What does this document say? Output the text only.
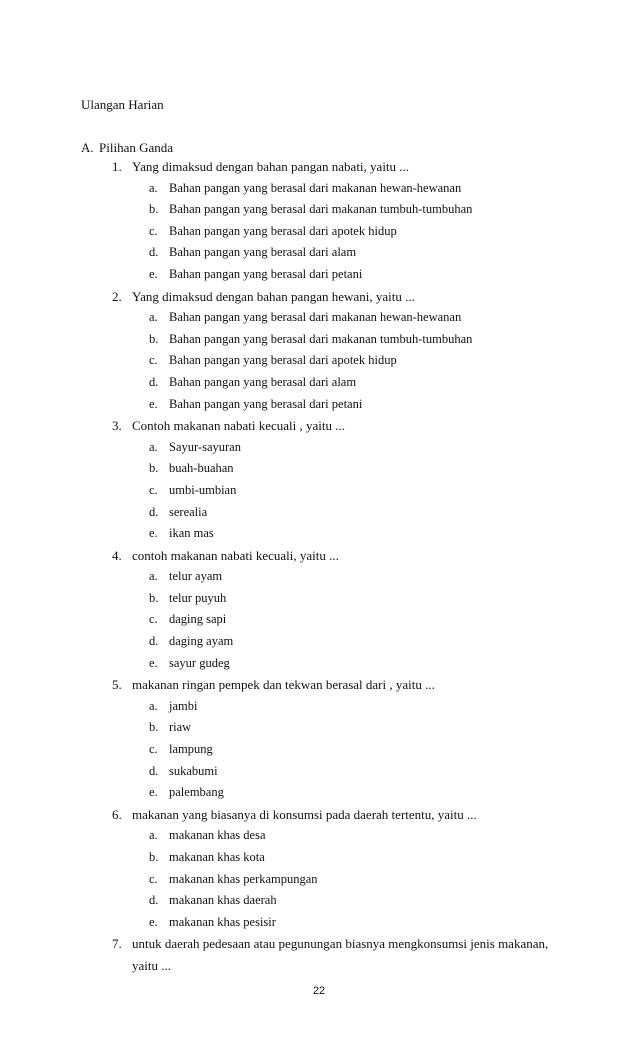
Ulangan Harian
A. Pilihan Ganda
1. Yang dimaksud dengan bahan pangan nabati, yaitu ...
a. Bahan pangan yang berasal dari makanan hewan-hewanan
b. Bahan pangan yang berasal dari makanan tumbuh-tumbuhan
c. Bahan pangan yang berasal dari apotek hidup
d. Bahan pangan yang berasal dari alam
e. Bahan pangan yang berasal dari petani
2. Yang dimaksud dengan bahan pangan hewani, yaitu ...
a. Bahan pangan yang berasal dari makanan hewan-hewanan
b. Bahan pangan yang berasal dari makanan tumbuh-tumbuhan
c. Bahan pangan yang berasal dari apotek hidup
d. Bahan pangan yang berasal dari alam
e. Bahan pangan yang berasal dari petani
3. Contoh makanan nabati kecuali , yaitu ...
a. Sayur-sayuran
b. buah-buahan
c. umbi-umbian
d. serealia
e. ikan mas
4. contoh makanan nabati kecuali, yaitu ...
a. telur ayam
b. telur puyuh
c. daging sapi
d. daging ayam
e. sayur gudeg
5. makanan ringan pempek dan tekwan berasal dari , yaitu ...
a. jambi
b. riaw
c. lampung
d. sukabumi
e. palembang
6. makanan yang biasanya di konsumsi pada daerah tertentu, yaitu ...
a. makanan khas desa
b. makanan khas kota
c. makanan khas perkampungan
d. makanan khas daerah
e. makanan khas pesisir
7. untuk daerah pedesaan atau pegunungan biasnya mengkonsumsi jenis makanan, yaitu ...
22
